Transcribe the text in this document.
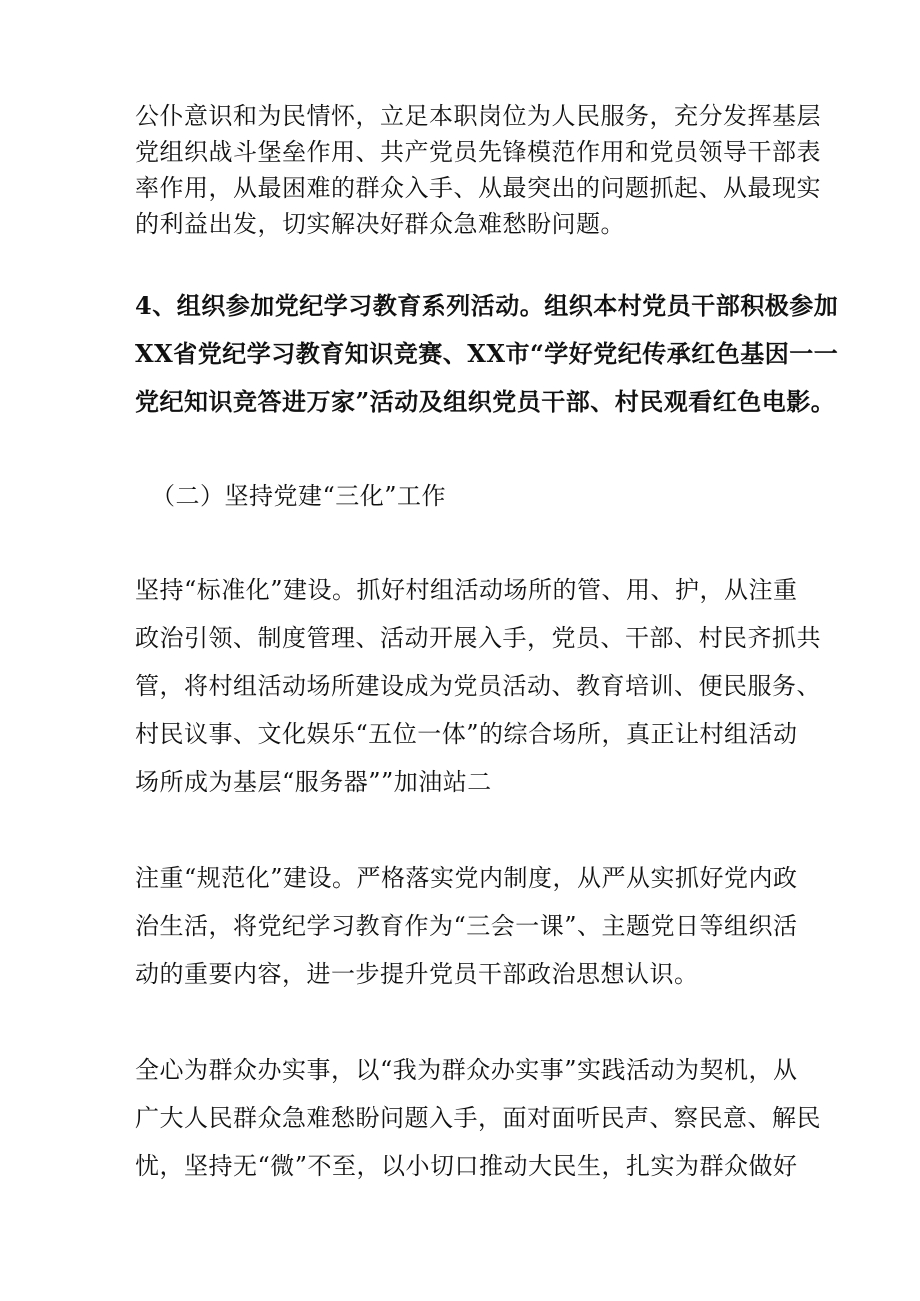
公仆意识和为民情怀，立足本职岗位为人民服务，充分发挥基层
党组织战斗堡垒作用、共产党员先锋模范作用和党员领导干部表
率作用，从最困难的群众入手、从最突出的问题抓起、从最现实
的利益出发，切实解决好群众急难愁盼问题。

4、组织参加党纪学习教育系列活动。组织本村党员干部积极参加
XX省党纪学习教育知识竞赛、XX市“学好党纪传承红色基因一一
党纪知识竞答进万家”活动及组织党员干部、村民观看红色电影。

（二）坚持党建“三化”工作

坚持“标准化”建设。抓好村组活动场所的管、用、护，从注重
政治引领、制度管理、活动开展入手，党员、干部、村民齐抓共
管，将村组活动场所建设成为党员活动、教育培训、便民服务、
村民议事、文化娱乐“五位一体”的综合场所，真正让村组活动
场所成为基层“服务器””加油站二

注重“规范化”建设。严格落实党内制度，从严从实抓好党内政
治生活，将党纪学习教育作为“三会一课”、主题党日等组织活
动的重要内容，进一步提升党员干部政治思想认识。

全心为群众办实事，以“我为群众办实事”实践活动为契机，从
广大人民群众急难愁盼问题入手，面对面听民声、察民意、解民
忧，坚持无“微”不至，以小切口推动大民生，扎实为群众做好
